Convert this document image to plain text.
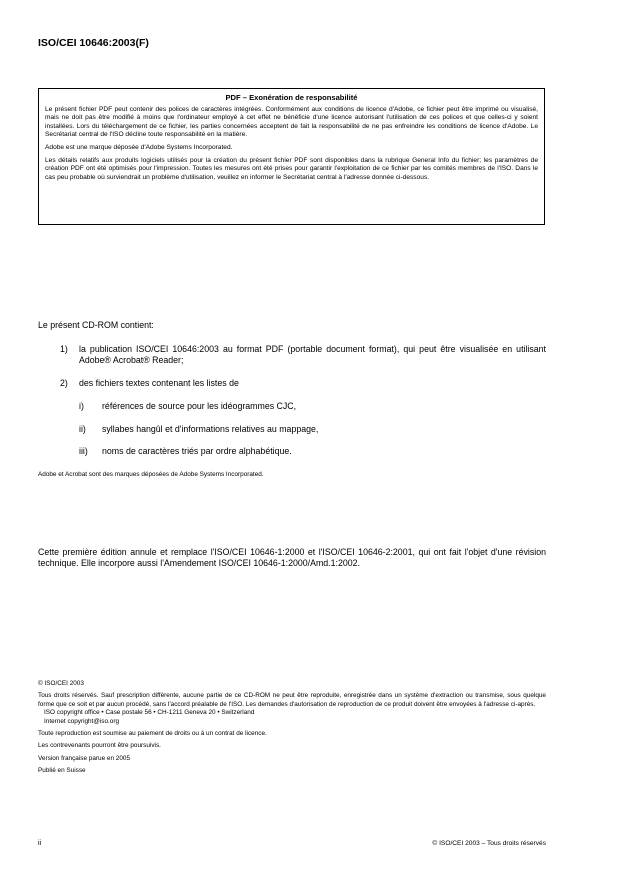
ISO/CEI 10646:2003(F)
PDF – Exonération de responsabilité

Le présent fichier PDF peut contenir des polices de caractères intégrées. Conformément aux conditions de licence d'Adobe, ce fichier peut être imprimé ou visualisé, mais ne doit pas être modifié à moins que l'ordinateur employé à cet effet ne bénéficie d'une licence autorisant l'utilisation de ces polices et que celles-ci y soient installées. Lors du téléchargement de ce fichier, les parties concernées acceptent de fait la responsabilité de ne pas enfreindre les conditions de licence d'Adobe. Le Secrétariat central de l'ISO décline toute responsabilité en la matière.

Adobe est une marque déposée d'Adobe Systems Incorporated.

Les détails relatifs aux produits logiciels utilisés pour la création du présent fichier PDF sont disponibles dans la rubrique General Info du fichier; les paramètres de création PDF ont été optimisés pour l'impression. Toutes les mesures ont été prises pour garantir l'exploitation de ce fichier par les comités membres de l'ISO. Dans le cas peu probable où surviendrait un problème d'utilisation, veuillez en informer le Secrétariat central à l'adresse donnée ci-dessous.

Le présent CD-ROM contient:
1) la publication ISO/CEI 10646:2003 au format PDF (portable document format), qui peut être visualisée en utilisant Adobe® Acrobat® Reader;
2) des fichiers textes contenant les listes de
i) références de source pour les idéogrammes CJC,
ii) syllabes hangûl et d'informations relatives au mappage,
iii) noms de caractères triés par ordre alphabétique.
Adobe et Acrobat sont des marques déposées de Adobe Systems Incorporated.
Cette première édition annule et remplace l'ISO/CEI 10646-1:2000 et l'ISO/CEI 10646-2:2001, qui ont fait l'objet d'une révision technique. Elle incorpore aussi l'Amendement ISO/CEI 10646-1:2000/Amd.1:2002.

© ISO/CEI 2003

Tous droits réservés. Sauf prescription différente, aucune partie de ce CD-ROM ne peut être reproduite, enregistrée dans un système d'extraction ou transmise, sous quelque forme que ce soit et par aucun procédé, sans l'accord préalable de l'ISO. Les demandes d'autorisation de reproduction de ce produit doivent être envoyées à l'adresse ci-après.

ISO copyright office • Case postale 56 • CH-1211 Geneva 20 • Switzerland

Internet copyright@iso.org

Toute reproduction est soumise au paiement de droits ou à un contrat de licence.

Les contrevenants pourront être poursuivis.

Version française parue en 2005

Publié en Suisse

ii	© ISO/CEI 2003 – Tous droits réservés
